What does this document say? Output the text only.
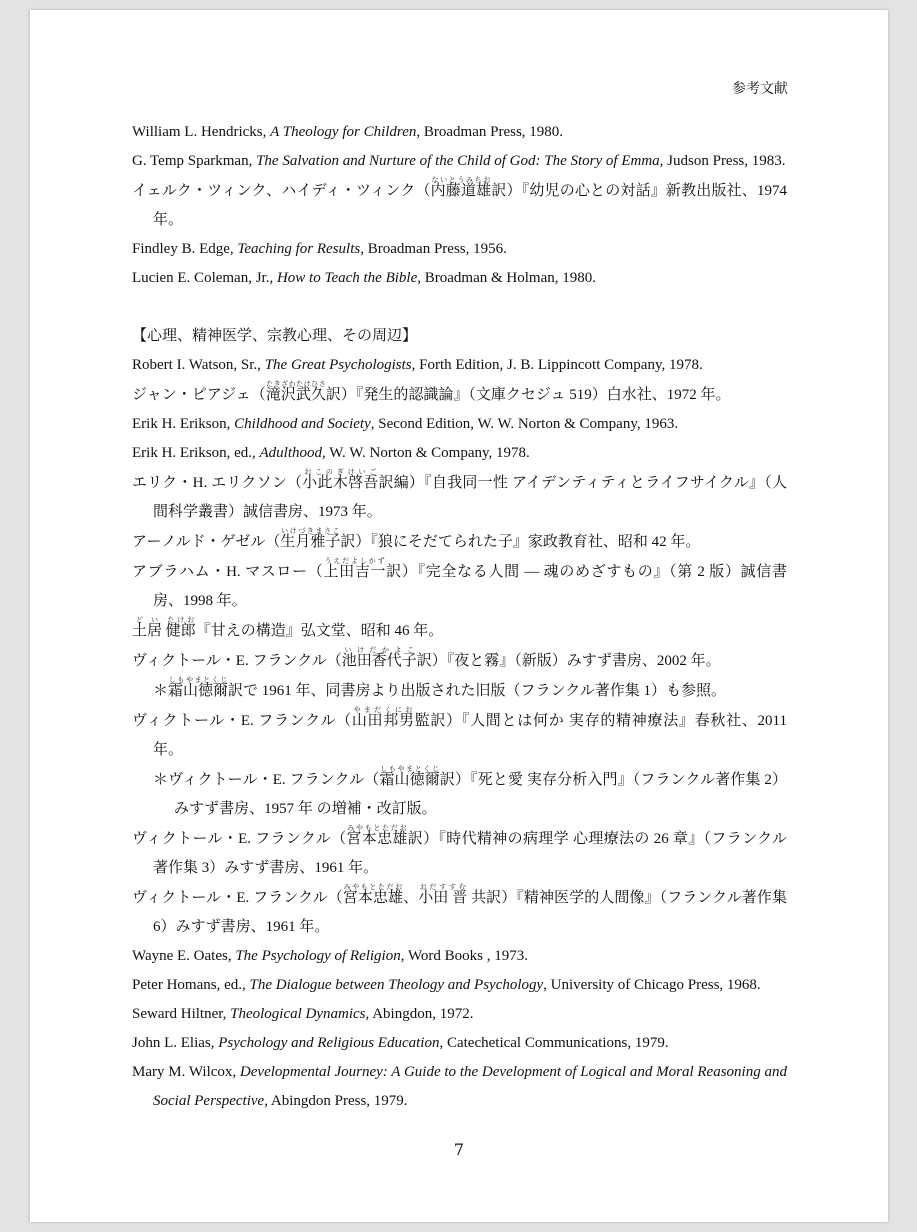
参考文献
William L. Hendricks, A Theology for Children, Broadman Press, 1980.
G. Temp Sparkman, The Salvation and Nurture of the Child of God: The Story of Emma, Judson Press, 1983.
イェルク・ツィンク、ハイディ・ツィンク（内藤道雄ないとうみちお訳）『幼児の心との対話』新教出版社、1974 年。
Findley B. Edge, Teaching for Results, Broadman Press, 1956.
Lucien E. Coleman, Jr., How to Teach the Bible, Broadman & Holman, 1980.
【心理、精神医学、宗教心理、その周辺】
Robert I. Watson, Sr., The Great Psychologists, Forth Edition, J. B. Lippincott Company, 1978.
ジャン・ピアジェ（滝沢武久たきざわたけひさ訳）『発生的認識論』（文庫クセジュ 519）白水社、1972 年。
Erik H. Erikson, Childhood and Society, Second Edition, W. W. Norton & Company, 1963.
Erik H. Erikson, ed., Adulthood, W. W. Norton & Company, 1978.
エリク・H. エリクソン（小此木啓吾おこのぎけいご訳編）『自我同一性 アイデンティティとライフサイクル』（人間科学叢書）誠信書房、1973 年。
アーノルド・ゲゼル（生月雅子いけづきまさこ訳）『狼にそだてられた子』家政教育社、昭和 42 年。
アブラハム・H. マスロー（上田吉一うえだよしかず訳）『完全なる人間 ― 魂のめざすもの』（第 2 版）誠信書房、1998 年。
土居どい 健郎たけお『甘えの構造』弘文堂、昭和 46 年。
ヴィクトール・E. フランクル（池田香代子いけだかよこ訳）『夜と霧』（新版）みすず書房、2002 年。
＊霜山徳爾しもやまとくじ訳で 1961 年、同書房より出版された旧版（フランクル著作集 1）も参照。
ヴィクトール・E. フランクル（山田邦男やまだくにお監訳）『人間とは何か 実存的精神療法』春秋社、2011 年。
＊ヴィクトール・E. フランクル（霜山徳爾しもやまとくじ訳）『死と愛 実存分析入門』（フランクル著作集 2）みすず書房、1957 年 の増補・改訂版。
ヴィクトール・E. フランクル（宮本忠雄みやもとただお訳）『時代精神の病理学 心理療法の 26 章』（フランクル著作集 3）みすず書房、1961 年。
ヴィクトール・E. フランクル（宮本忠雄みやもとただお、小田 晋おだすすむ 共訳）『精神医学的人間像』（フランクル著作集 6）みすず書房、1961 年。
Wayne E. Oates, The Psychology of Religion, Word Books , 1973.
Peter Homans, ed., The Dialogue between Theology and Psychology, University of Chicago Press, 1968.
Seward Hiltner, Theological Dynamics, Abingdon, 1972.
John L. Elias, Psychology and Religious Education, Catechetical Communications, 1979.
Mary M. Wilcox, Developmental Journey: A Guide to the Development of Logical and Moral Reasoning and Social Perspective, Abingdon Press, 1979.
7
